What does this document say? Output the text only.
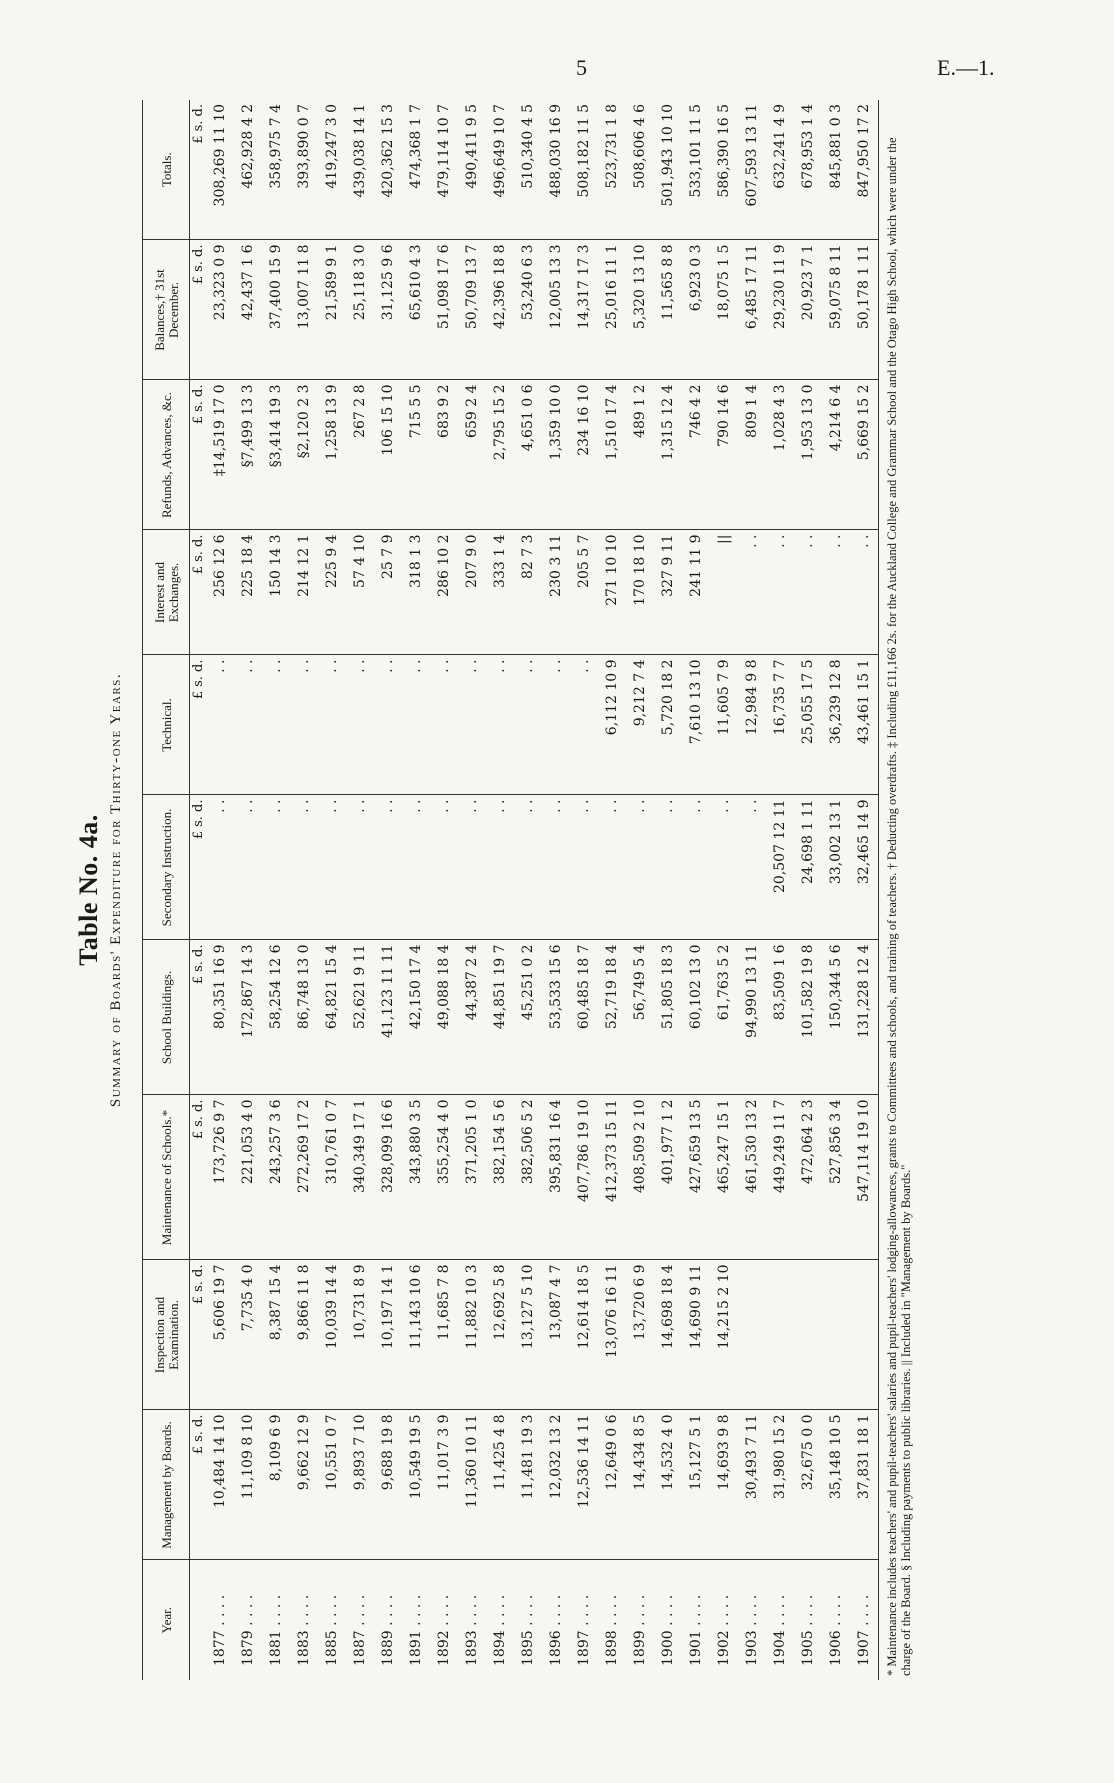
5	E.—1.
Table No. 4a. Summary of Boards' Expenditure for Thirty-one Years.
Year.	Management by Boards.	Inspection and Examination.	Maintenance of Schools.*	School Buildings.	Secondary Instruction.	Technical.	Interest and Exchanges.	Refunds, Advances, &c.	Balances,† 31st December.	Totals.
	£ s. d.	£ s. d.	£ s. d.	£ s. d.	£ s. d.	£ s. d.	£ s. d.	£ s. d.	£ s. d.	£ s. d.
1877 . . . .	10,484 14 10	5,606 19 7	173,726 9 7	80,351 16 9	. .	. .	256 12 6	‡14,519 17 0	23,323 0 9	308,269 11 10
1879 . . . .	11,109 8 10	7,735 4 0	221,053 4 0	172,867 14 3	. .	. .	225 18 4	§7,499 13 3	42,437 1 6	462,928 4 2
1881 . . . .	8,109 6 9	8,387 15 4	243,257 3 6	58,254 12 6	. .	. .	150 14 3	§3,414 19 3	37,400 15 9	358,975 7 4
1883 . . . .	9,662 12 9	9,866 11 8	272,269 17 2	86,748 13 0	. .	. .	214 12 1	§2,120 2 3	13,007 11 8	393,890 0 7
1885 . . . .	10,551 0 7	10,039 14 4	310,761 0 7	64,821 15 4	. .	. .	225 9 4	1,258 13 9	21,589 9 1	419,247 3 0
1887 . . . .	9,893 7 10	10,731 8 9	340,349 17 1	52,621 9 11	. .	. .	57 4 10	267 2 8	25,118 3 0	439,038 14 1
1889 . . . .	9,688 19 8	10,197 14 1	328,099 16 6	41,123 11 11	. .	. .	25 7 9	106 15 10	31,125 9 6	420,362 15 3
1891 . . . .	10,549 19 5	11,143 10 6	343,880 3 5	42,150 17 4	. .	. .	318 1 3	715 5 5	65,610 4 3	474,368 1 7
1892 . . . .	11,017 3 9	11,685 7 8	355,254 4 0	49,088 18 4	. .	. .	286 10 2	683 9 2	51,098 17 6	479,114 10 7
1893 . . . .	11,360 10 11	11,882 10 3	371,205 1 0	44,387 2 4	. .	. .	207 9 0	659 2 4	50,709 13 7	490,411 9 5
1894 . . . .	11,425 4 8	12,692 5 8	382,154 5 6	44,851 19 7	. .	. .	333 1 4	2,795 15 2	42,396 18 8	496,649 10 7
1895 . . . .	11,481 19 3	13,127 5 10	382,506 5 2	45,251 0 2	. .	. .	82 7 3	4,651 0 6	53,240 6 3	510,340 4 5
1896 . . . .	12,032 13 2	13,087 4 7	395,831 16 4	53,533 15 6	. .	. .	230 3 11	1,359 10 0	12,005 13 3	488,030 16 9
1897 . . . .	12,536 14 11	12,614 18 5	407,786 19 10	60,485 18 7	. .	. .	205 5 7	234 16 10	14,317 17 3	508,182 11 5
1898 . . . .	12,649 0 6	13,076 16 11	412,373 15 11	52,719 18 4	. .	6,112 10 9	271 10 10	1,510 17 4	25,016 11 1	523,731 1 8
1899 . . . .	14,434 8 5	13,720 6 9	408,509 2 10	56,749 5 4	. .	9,212 7 4	170 18 10	489 1 2	5,320 13 10	508,606 4 6
1900 . . . .	14,532 4 0	14,698 18 4	401,977 1 2	51,805 18 3	. .	5,720 18 2	327 9 11	1,315 12 4	11,565 8 8	501,943 10 10
1901 . . . .	15,127 5 1	14,690 9 11	427,659 13 5	60,102 13 0	. .	7,610 13 10	241 11 9	746 4 2	6,923 0 3	533,101 11 5
1902 . . . .	14,693 9 8	14,215 2 10	465,247 15 1	61,763 5 2	. .	11,605 7 9	||	790 14 6	18,075 1 5	586,390 16 5
1903 . . . .	30,493 7 11		461,530 13 2	94,990 13 11	. .	12,984 9 8	. .	809 1 4	6,485 17 11	607,593 13 11
1904 . . . .	31,980 15 2		449,249 11 7	83,509 1 6	20,507 12 11	16,735 7 7	. .	1,028 4 3	29,230 11 9	632,241 4 9
1905 . . . .	32,675 0 0		472,064 2 3	101,582 19 8	24,698 1 11	25,055 17 5	. .	1,953 13 0	20,923 7 1	678,953 1 4
1906 . . . .	35,148 10 5		527,856 3 4	150,344 5 6	33,002 13 1	36,239 12 8	. .	4,214 6 4	59,075 8 11	845,881 0 3
1907 . . . .	37,831 18 1		547,114 19 10	131,228 12 4	32,465 14 9	43,461 15 1	. .	5,669 15 2	50,178 1 11	847,950 17 2 * Maintenance includes teachers' and pupil-teachers' salaries and pupil-teachers' lodging-allowances, grants to Committees and schools, and training of teachers. † Deducting overdrafts. ‡ Including £11,166 2s. for the Auckland College and Grammar School and the Otago High School, which were under the charge of the Board. § Including payments to public libraries. || Included in "Management by Boards."
